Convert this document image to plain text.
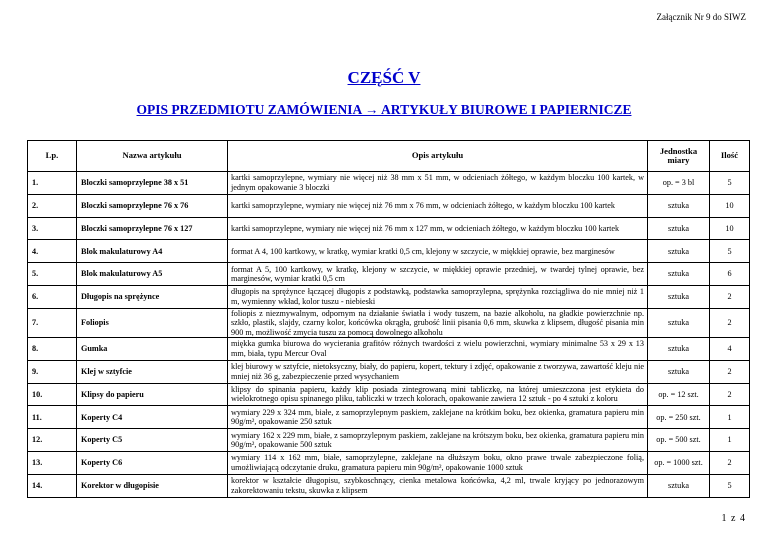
Załącznik Nr 9 do SIWZ
CZĘŚĆ V
OPIS PRZEDMIOTU ZAMÓWIENIA → ARTYKUŁY BIUROWE I PAPIERNICZE
Lp.	Nazwa artykułu	Opis artykułu	Jednostka miary	Ilość
1.	Bloczki samoprzylepne 38 x 51	kartki samoprzylepne, wymiary nie więcej niż 38 mm x 51 mm, w odcieniach żółtego, w każdym bloczku 100 kartek, w jednym opakowanie 3 bloczki	op. = 3 bl	5
2.	Bloczki samoprzylepne 76 x 76	kartki samoprzylepne, wymiary nie więcej niż 76 mm x 76 mm, w odcieniach żółtego, w każdym bloczku 100 kartek	sztuka	10
3.	Bloczki samoprzylepne 76 x 127	kartki samoprzylepne, wymiary nie więcej niż 76 mm x 127 mm, w odcieniach żółtego, w każdym bloczku 100 kartek	sztuka	10
4.	Blok makulaturowy A4	format A 4, 100 kartkowy, w kratkę, wymiar kratki 0,5 cm, klejony w szczycie, w miękkiej oprawie, bez marginesów	sztuka	5
5.	Blok makulaturowy A5	format A 5, 100 kartkowy, w kratkę, klejony w szczycie, w miękkiej oprawie przedniej, w twardej tylnej oprawie, bez marginesów, wymiar kratki 0,5 cm	sztuka	6
6.	Długopis na sprężynce	długopis na sprężynce łączącej długopis z podstawką, podstawka samoprzylepna, sprężynka rozciągliwa do nie mniej niż 1 m, wymienny wkład, kolor tuszu - niebieski	sztuka	2
7.	Foliopis	foliopis z niezmywalnym, odpornym na działanie światła i wody tuszem, na bazie alkoholu, na gładkie powierzchnie np. szkło, plastik, slajdy, czarny kolor, końcówka okrągła, grubość linii pisania 0,6 mm, skuwka z klipsem, długość pisania min 900 m, możliwość zmycia tuszu za pomocą dowolnego alkoholu	sztuka	2
8.	Gumka	miękka gumka biurowa do wycierania grafitów różnych twardości z wielu powierzchni, wymiary minimalne 53 x 29 x 13 mm, biała, typu Mercur Oval	sztuka	4
9.	Klej w sztyfcie	klej biurowy w sztyfcie, nietoksyczny, biały, do papieru, kopert, tektury i zdjęć, opakowanie z tworzywa, zawartość kleju nie mniej niż 36 g, zabezpieczenie przed wysychaniem	sztuka	2
10.	Klipsy do papieru	klipsy do spinania papieru, każdy klip posiada zintegrowaną mini tabliczkę, na której umieszczona jest etykieta do wielokrotnego opisu spinanego pliku, tabliczki w trzech kolorach, opakowanie zawiera 12 sztuk - po 4 sztuki z koloru	op. = 12 szt.	2
11.	Koperty C4	wymiary 229 x 324 mm, białe, z samoprzylepnym paskiem, zaklejane na krótkim boku, bez okienka, gramatura papieru min 90g/m², opakowanie 250 sztuk	op. = 250 szt.	1
12.	Koperty C5	wymiary 162 x 229 mm, białe, z samoprzylepnym paskiem, zaklejane na krótszym boku, bez okienka, gramatura papieru min 90g/m², opakowanie 500 sztuk	op. = 500 szt.	1
13.	Koperty C6	wymiary 114 x 162 mm, białe, samoprzylepne, zaklejane na dłuższym boku, okno prawe trwale zabezpieczone folią, umożliwiającą odczytanie druku, gramatura papieru min 90g/m², opakowanie 1000 sztuk	op. = 1000 szt.	2
14.	Korektor w długopisie	korektor w kształcie długopisu, szybkoschnący, cienka metalowa końcówka, 4,2 ml, trwale kryjący po jednorazowym zakorektowaniu tekstu, skuwka z klipsem	sztuka	5
1 z 4
